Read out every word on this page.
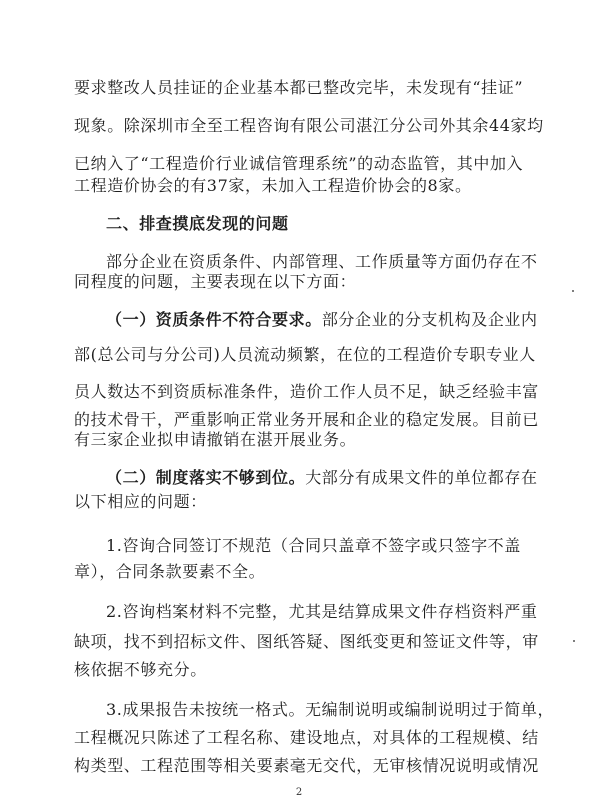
要求整改人员挂证的企业基本都已整改完毕，未发现有“挂证”
现象。除深圳市全至工程咨询有限公司湛江分公司外其余44家均
已纳入了“工程造价行业诚信管理系统”的动态监管，其中加入
工程造价协会的有37家，未加入工程造价协会的8家。
二、排查摸底发现的问题
部分企业在资质条件、内部管理、工作质量等方面仍存在不
同程度的问题，主要表现在以下方面：
（一）资质条件不符合要求。部分企业的分支机构及企业内
部(总公司与分公司)人员流动频繁，在位的工程造价专职专业人
员人数达不到资质标准条件，造价工作人员不足，缺乏经验丰富
的技术骨干，严重影响正常业务开展和企业的稳定发展。目前已
有三家企业拟申请撤销在湛开展业务。
（二）制度落实不够到位。大部分有成果文件的单位都存在
以下相应的问题：
1.咨询合同签订不规范（合同只盖章不签字或只签字不盖
章），合同条款要素不全。
2.咨询档案材料不完整，尤其是结算成果文件存档资料严重
缺项，找不到招标文件、图纸答疑、图纸变更和签证文件等，审
核依据不够充分。
3.成果报告未按统一格式。无编制说明或编制说明过于简单，
工程概况只陈述了工程名称、建设地点，对具体的工程规模、结
构类型、工程范围等相关要素毫无交代，无审核情况说明或情况
2
